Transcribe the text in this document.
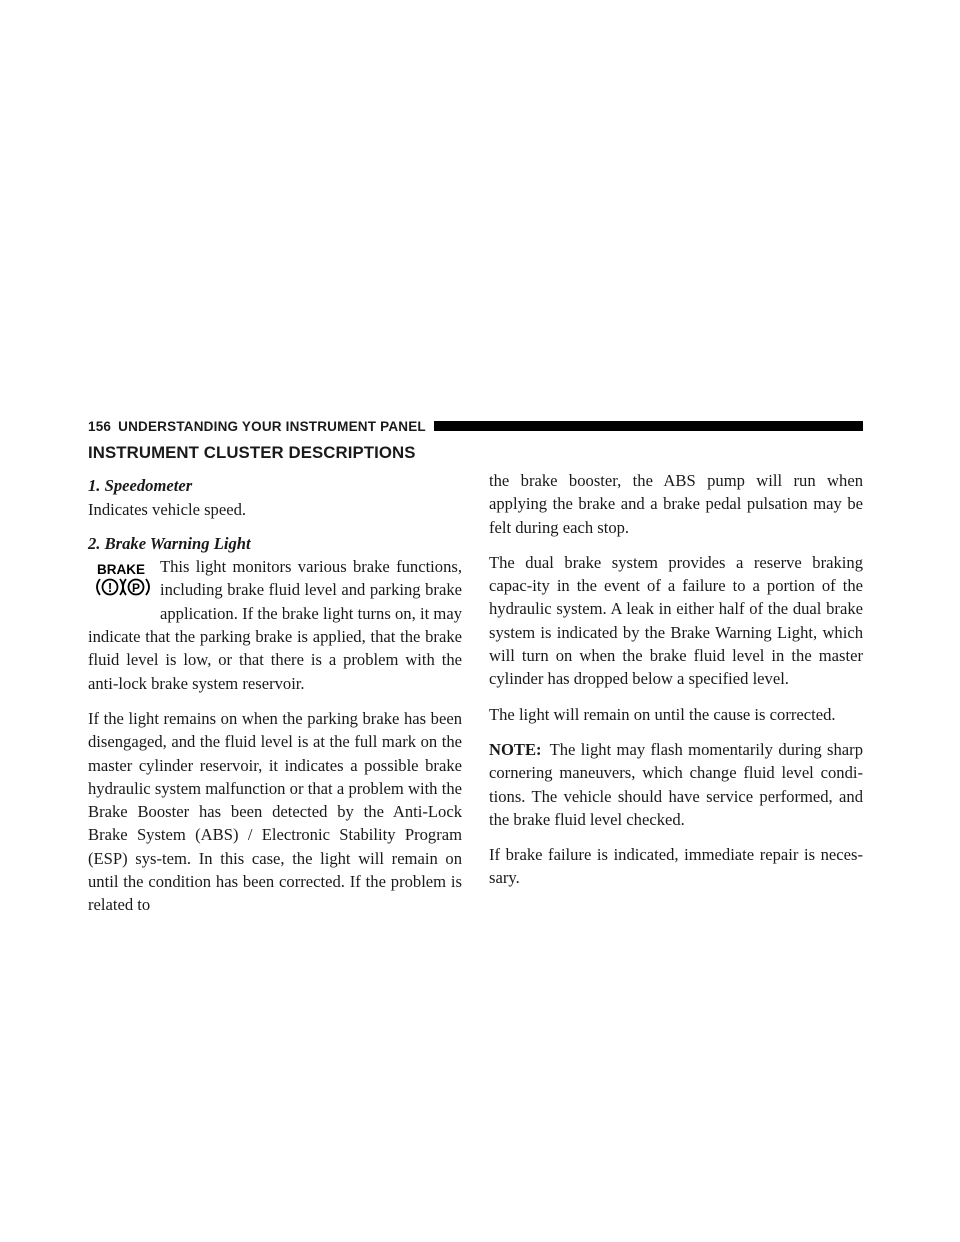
156 UNDERSTANDING YOUR INSTRUMENT PANEL
INSTRUMENT CLUSTER DESCRIPTIONS

1. Speedometer

Indicates vehicle speed.

2. Brake Warning Light

BRAKE
! P

This light monitors various brake functions, including brake fluid level and parking brake application. If the brake light turns on, it may indicate that the parking brake is applied, that the brake fluid level is low, or that there is a problem with the anti-lock brake system reservoir.

If the light remains on when the parking brake has been disengaged, and the fluid level is at the full mark on the master cylinder reservoir, it indicates a possible brake hydraulic system malfunction or that a problem with the Brake Booster has been detected by the Anti-Lock Brake System (ABS) / Electronic Stability Program (ESP) sys-tem. In this case, the light will remain on until the condition has been corrected. If the problem is related to

the brake booster, the ABS pump will run when applying the brake and a brake pedal pulsation may be felt during each stop.

The dual brake system provides a reserve braking capac-ity in the event of a failure to a portion of the hydraulic system. A leak in either half of the dual brake system is indicated by the Brake Warning Light, which will turn on when the brake fluid level in the master cylinder has dropped below a specified level.

The light will remain on until the cause is corrected.

NOTE: The light may flash momentarily during sharp cornering maneuvers, which change fluid level condi-tions. The vehicle should have service performed, and the brake fluid level checked.

If brake failure is indicated, immediate repair is neces-sary.
